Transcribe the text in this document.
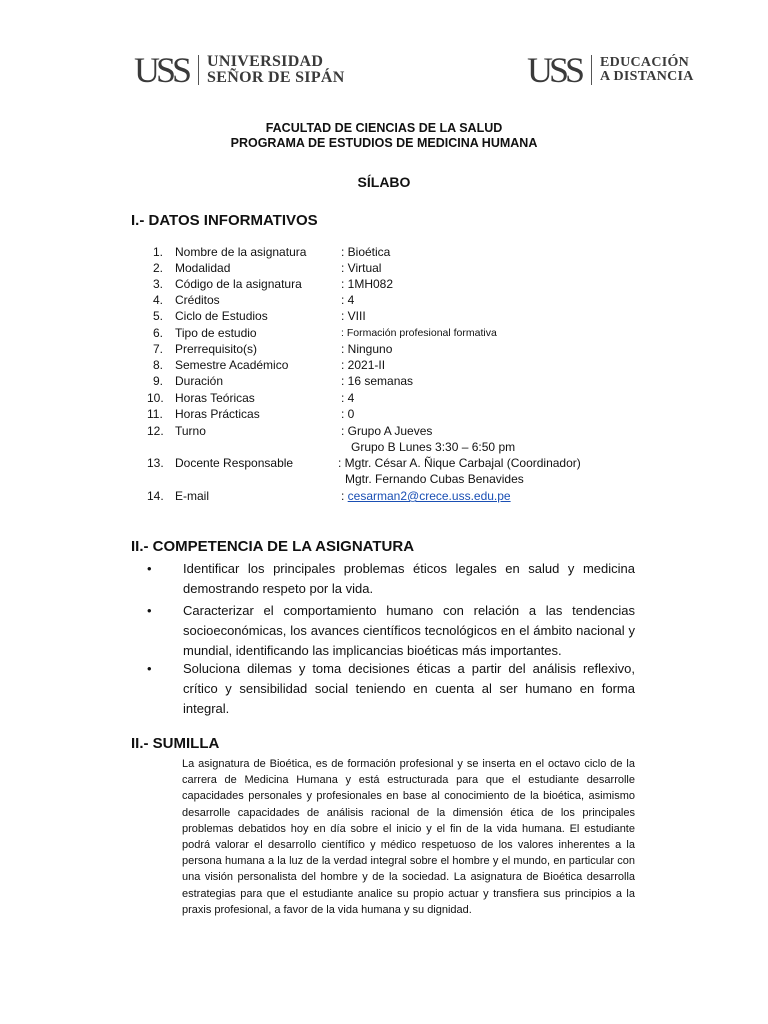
USS UNIVERSIDAD
SEÑOR DE SIPÁN	USS EDUCACIÓN
A DISTANCIA
FACULTAD DE CIENCIAS DE LA SALUD
PROGRAMA DE ESTUDIOS DE MEDICINA HUMANA
SÍLABO
I.- DATOS INFORMATIVOS
1. Nombre de la asignatura	: Bioética
2. Modalidad	: Virtual
3. Código de la asignatura	: 1MH082
4. Créditos	: 4
5. Ciclo de Estudios	: VIII
6. Tipo de estudio	: Formación profesional formativa
7. Prerrequisito(s)	: Ninguno
8. Semestre Académico	: 2021-II
9. Duración	: 16 semanas
10. Horas Teóricas	: 4
11. Horas Prácticas	: 0
12. Turno	: Grupo A Jueves
Grupo B Lunes 3:30 – 6:50 pm
13. Docente Responsable	: Mgtr. César A. Ñique Carbajal (Coordinador)
Mgtr. Fernando Cubas Benavides
14. E-mail	: cesarman2@crece.uss.edu.pe
II.- COMPETENCIA DE LA ASIGNATURA
• Identificar los principales problemas éticos legales en salud y medicina demostrando respeto por la vida.
• Caracterizar el comportamiento humano con relación a las tendencias socioeconómicas, los avances científicos tecnológicos en el ámbito nacional y mundial, identificando las implicancias bioéticas más importantes.
• Soluciona dilemas y toma decisiones éticas a partir del análisis reflexivo, crítico y sensibilidad social teniendo en cuenta al ser humano en forma integral.
II.- SUMILLA
La asignatura de Bioética, es de formación profesional y se inserta en el octavo ciclo de la carrera de Medicina Humana y está estructurada para que el estudiante desarrolle capacidades personales y profesionales en base al conocimiento de la bioética, asimismo desarrolle capacidades de análisis racional de la dimensión ética de los principales problemas debatidos hoy en día sobre el inicio y el fin de la vida humana. El estudiante podrá valorar el desarrollo científico y médico respetuoso de los valores inherentes a la persona humana a la luz de la verdad integral sobre el hombre y el mundo, en particular con una visión personalista del hombre y de la sociedad. La asignatura de Bioética desarrolla estrategias para que el estudiante analice su propio actuar y transfiera sus principios a la praxis profesional, a favor de la vida humana y su dignidad.
